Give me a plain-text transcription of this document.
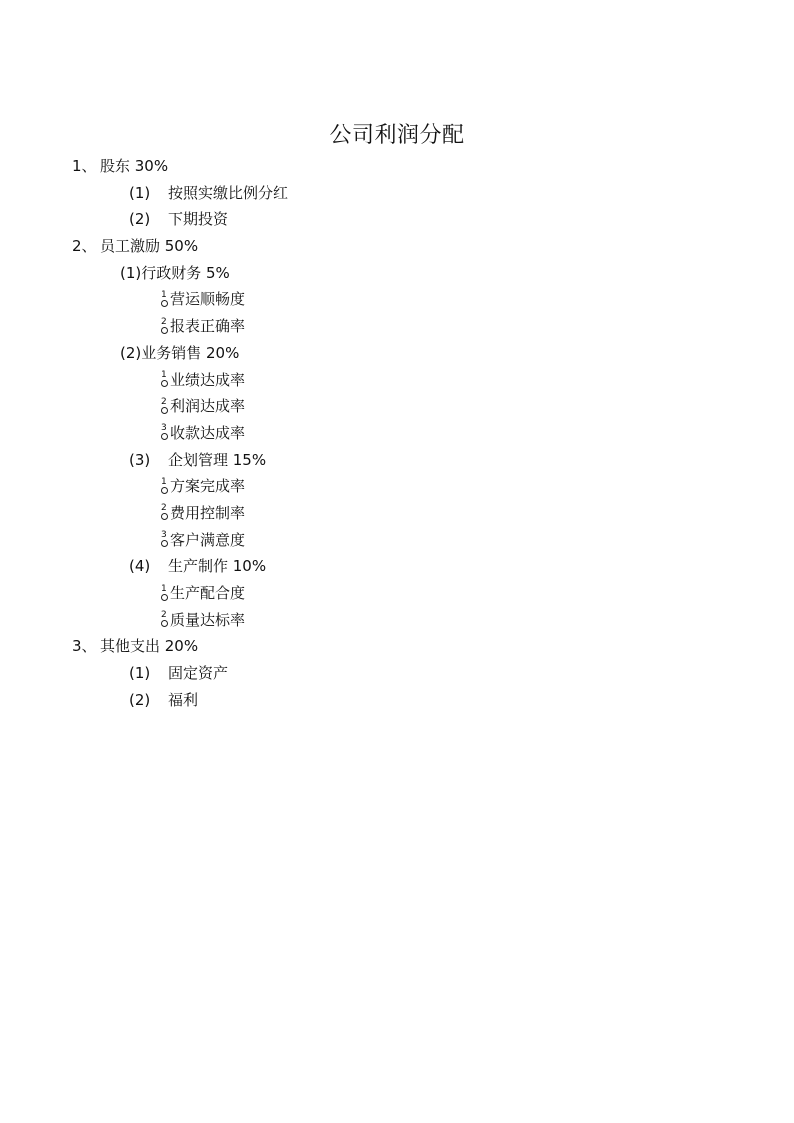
公司利润分配
1、 股东 30%
(1) 按照实缴比例分红
(2) 下期投资
2、 员工激励 50%
(1)行政财务 5%
1 营运顺畅度
2 报表正确率
(2)业务销售 20%
1 业绩达成率
2 利润达成率
3 收款达成率
(3) 企划管理 15%
1 方案完成率
2 费用控制率
3 客户满意度
(4) 生产制作 10%
1 生产配合度
2 质量达标率
3、 其他支出 20%
(1) 固定资产
(2) 福利
